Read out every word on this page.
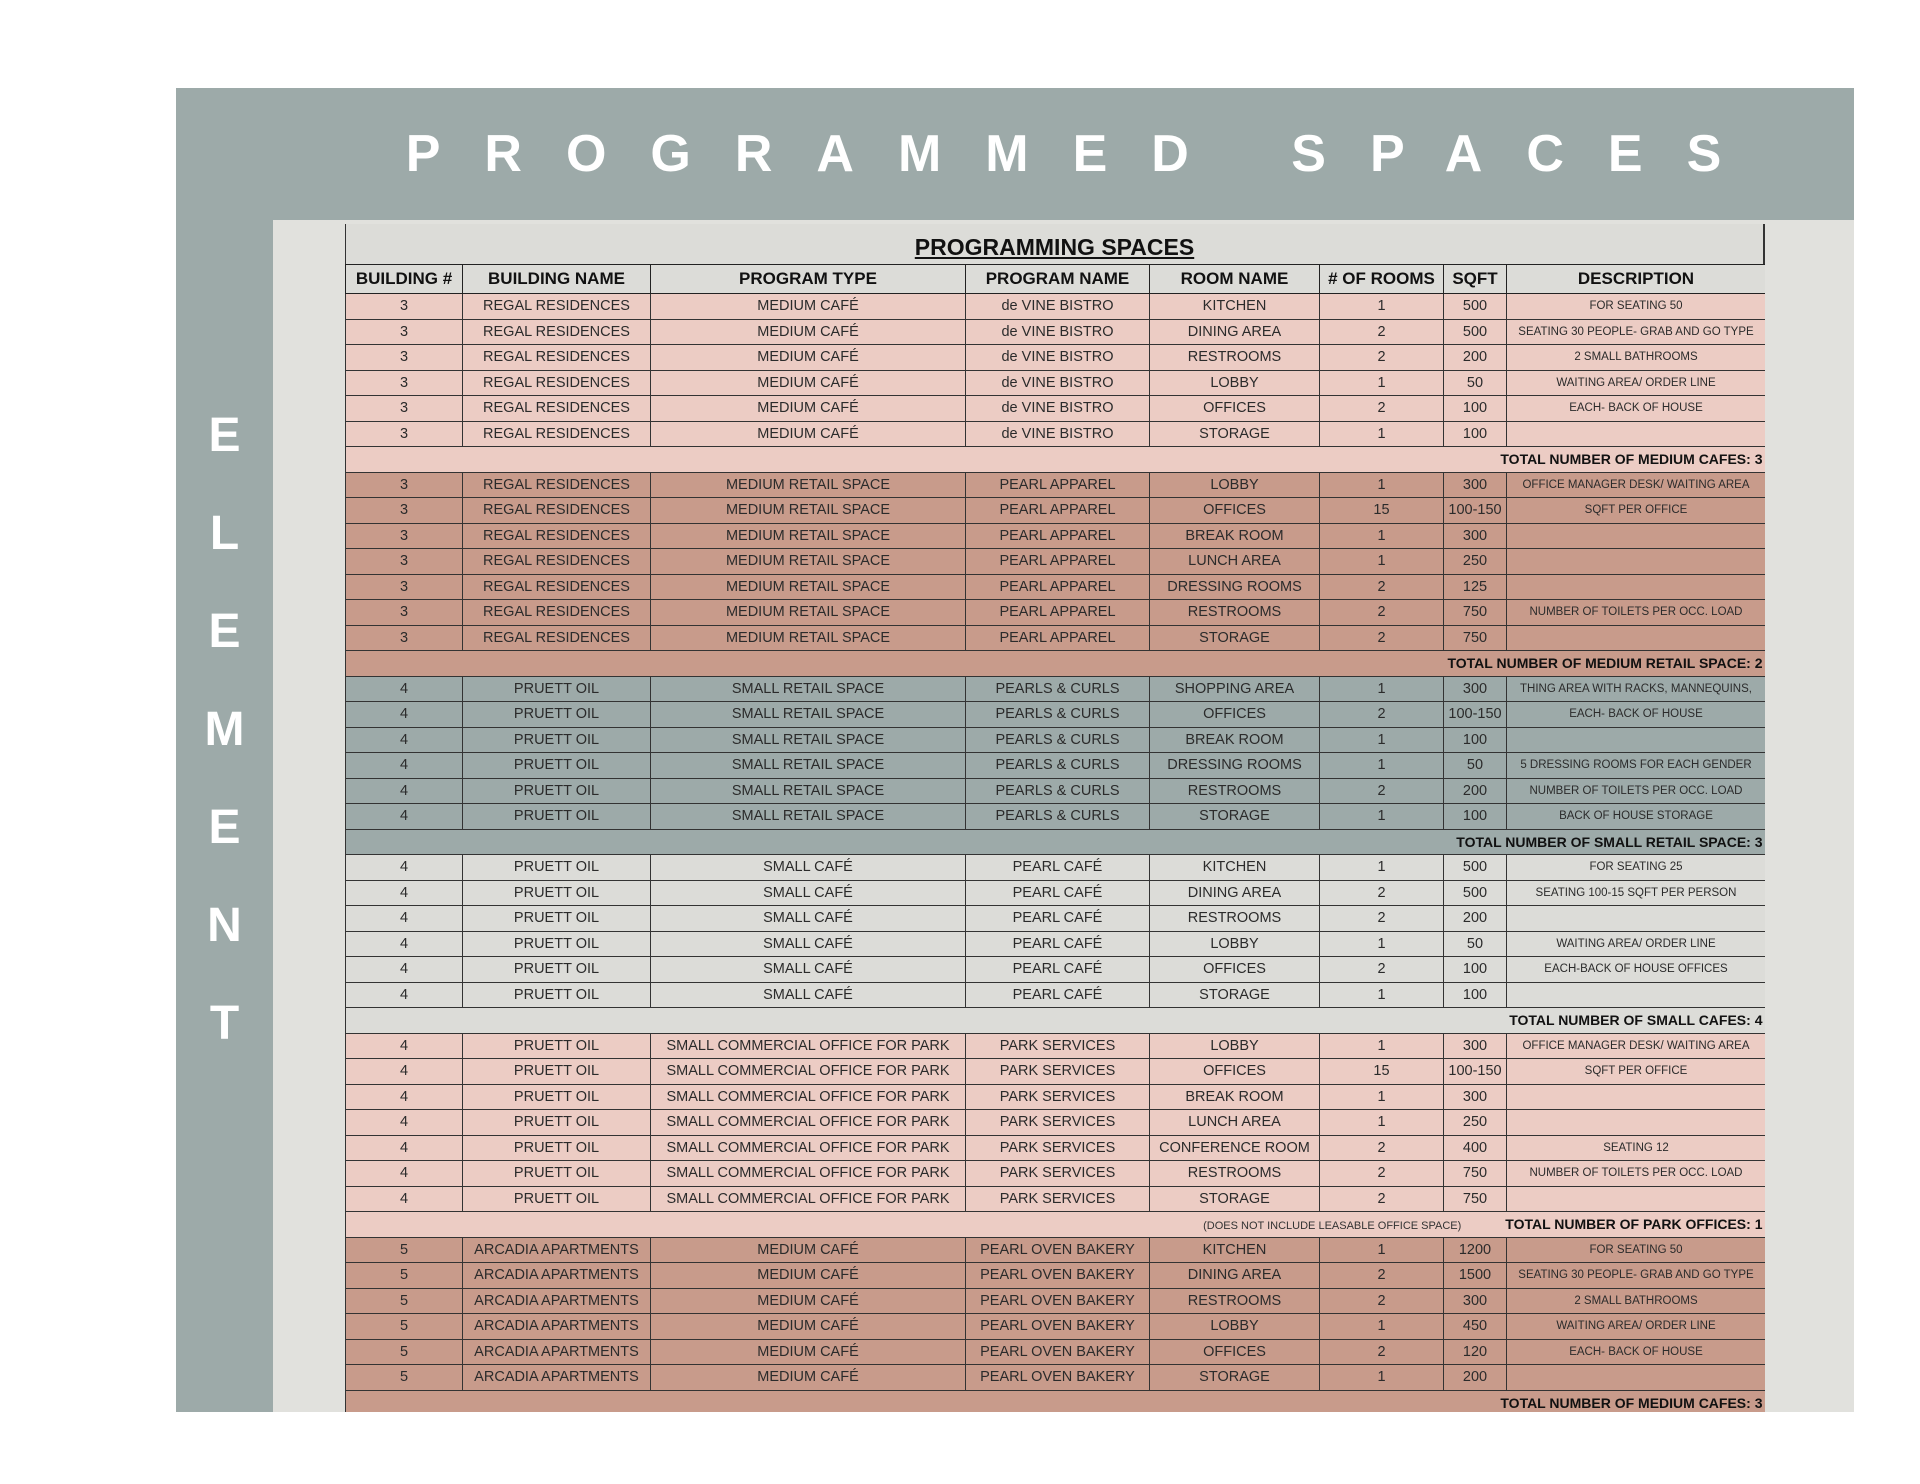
E
L
E
M
E
N
T
PROGRAMMED SPACES
PROGRAMMING SPACES
BUILDING #	BUILDING NAME	PROGRAM TYPE	PROGRAM NAME	ROOM NAME	# OF ROOMS	SQFT	DESCRIPTION
3	REGAL RESIDENCES	MEDIUM CAFÉ	de VINE BISTRO	KITCHEN	1	500	FOR SEATING 50
3	REGAL RESIDENCES	MEDIUM CAFÉ	de VINE BISTRO	DINING AREA	2	500	SEATING 30 PEOPLE- GRAB AND GO TYPE
3	REGAL RESIDENCES	MEDIUM CAFÉ	de VINE BISTRO	RESTROOMS	2	200	2 SMALL BATHROOMS
3	REGAL RESIDENCES	MEDIUM CAFÉ	de VINE BISTRO	LOBBY	1	50	WAITING AREA/ ORDER LINE
3	REGAL RESIDENCES	MEDIUM CAFÉ	de VINE BISTRO	OFFICES	2	100	EACH- BACK OF HOUSE
3	REGAL RESIDENCES	MEDIUM CAFÉ	de VINE BISTRO	STORAGE	1	100	
TOTAL NUMBER OF MEDIUM CAFES: 3							
3	REGAL RESIDENCES	MEDIUM RETAIL SPACE	PEARL APPAREL	LOBBY	1	300	OFFICE MANAGER DESK/ WAITING AREA
3	REGAL RESIDENCES	MEDIUM RETAIL SPACE	PEARL APPAREL	OFFICES	15	100-150	SQFT PER OFFICE
3	REGAL RESIDENCES	MEDIUM RETAIL SPACE	PEARL APPAREL	BREAK ROOM	1	300	
3	REGAL RESIDENCES	MEDIUM RETAIL SPACE	PEARL APPAREL	LUNCH AREA	1	250	
3	REGAL RESIDENCES	MEDIUM RETAIL SPACE	PEARL APPAREL	DRESSING ROOMS	2	125	
3	REGAL RESIDENCES	MEDIUM RETAIL SPACE	PEARL APPAREL	RESTROOMS	2	750	NUMBER OF TOILETS PER OCC. LOAD
3	REGAL RESIDENCES	MEDIUM RETAIL SPACE	PEARL APPAREL	STORAGE	2	750	
TOTAL NUMBER OF MEDIUM RETAIL SPACE: 2							
4	PRUETT OIL	SMALL RETAIL SPACE	PEARLS & CURLS	SHOPPING AREA	1	300	THING AREA WITH RACKS, MANNEQUINS,
4	PRUETT OIL	SMALL RETAIL SPACE	PEARLS & CURLS	OFFICES	2	100-150	EACH- BACK OF HOUSE
4	PRUETT OIL	SMALL RETAIL SPACE	PEARLS & CURLS	BREAK ROOM	1	100	
4	PRUETT OIL	SMALL RETAIL SPACE	PEARLS & CURLS	DRESSING ROOMS	1	50	5 DRESSING ROOMS FOR EACH GENDER
4	PRUETT OIL	SMALL RETAIL SPACE	PEARLS & CURLS	RESTROOMS	2	200	NUMBER OF TOILETS PER OCC. LOAD
4	PRUETT OIL	SMALL RETAIL SPACE	PEARLS & CURLS	STORAGE	1	100	BACK OF HOUSE STORAGE
TOTAL NUMBER OF SMALL RETAIL SPACE: 3							
4	PRUETT OIL	SMALL CAFÉ	PEARL CAFÉ	KITCHEN	1	500	FOR SEATING 25
4	PRUETT OIL	SMALL CAFÉ	PEARL CAFÉ	DINING AREA	2	500	SEATING 100-15 SQFT PER PERSON
4	PRUETT OIL	SMALL CAFÉ	PEARL CAFÉ	RESTROOMS	2	200	
4	PRUETT OIL	SMALL CAFÉ	PEARL CAFÉ	LOBBY	1	50	WAITING AREA/ ORDER LINE
4	PRUETT OIL	SMALL CAFÉ	PEARL CAFÉ	OFFICES	2	100	EACH-BACK OF HOUSE OFFICES
4	PRUETT OIL	SMALL CAFÉ	PEARL CAFÉ	STORAGE	1	100	
TOTAL NUMBER OF SMALL CAFES: 4							
4	PRUETT OIL	SMALL COMMERCIAL OFFICE FOR PARK	PARK SERVICES	LOBBY	1	300	OFFICE MANAGER DESK/ WAITING AREA
4	PRUETT OIL	SMALL COMMERCIAL OFFICE FOR PARK	PARK SERVICES	OFFICES	15	100-150	SQFT PER OFFICE
4	PRUETT OIL	SMALL COMMERCIAL OFFICE FOR PARK	PARK SERVICES	BREAK ROOM	1	300	
4	PRUETT OIL	SMALL COMMERCIAL OFFICE FOR PARK	PARK SERVICES	LUNCH AREA	1	250	
4	PRUETT OIL	SMALL COMMERCIAL OFFICE FOR PARK	PARK SERVICES	CONFERENCE ROOM	2	400	SEATING 12
4	PRUETT OIL	SMALL COMMERCIAL OFFICE FOR PARK	PARK SERVICES	RESTROOMS	2	750	NUMBER OF TOILETS PER OCC. LOAD
4	PRUETT OIL	SMALL COMMERCIAL OFFICE FOR PARK	PARK SERVICES	STORAGE	2	750	
(DOES NOT INCLUDE LEASABLE OFFICE SPACE) TOTAL NUMBER OF PARK OFFICES: 1							
5	ARCADIA APARTMENTS	MEDIUM CAFÉ	PEARL OVEN BAKERY	KITCHEN	1	1200	FOR SEATING 50
5	ARCADIA APARTMENTS	MEDIUM CAFÉ	PEARL OVEN BAKERY	DINING AREA	2	1500	SEATING 30 PEOPLE- GRAB AND GO TYPE
5	ARCADIA APARTMENTS	MEDIUM CAFÉ	PEARL OVEN BAKERY	RESTROOMS	2	300	2 SMALL BATHROOMS
5	ARCADIA APARTMENTS	MEDIUM CAFÉ	PEARL OVEN BAKERY	LOBBY	1	450	WAITING AREA/ ORDER LINE
5	ARCADIA APARTMENTS	MEDIUM CAFÉ	PEARL OVEN BAKERY	OFFICES	2	120	EACH- BACK OF HOUSE
5	ARCADIA APARTMENTS	MEDIUM CAFÉ	PEARL OVEN BAKERY	STORAGE	1	200	
TOTAL NUMBER OF MEDIUM CAFES: 3							
